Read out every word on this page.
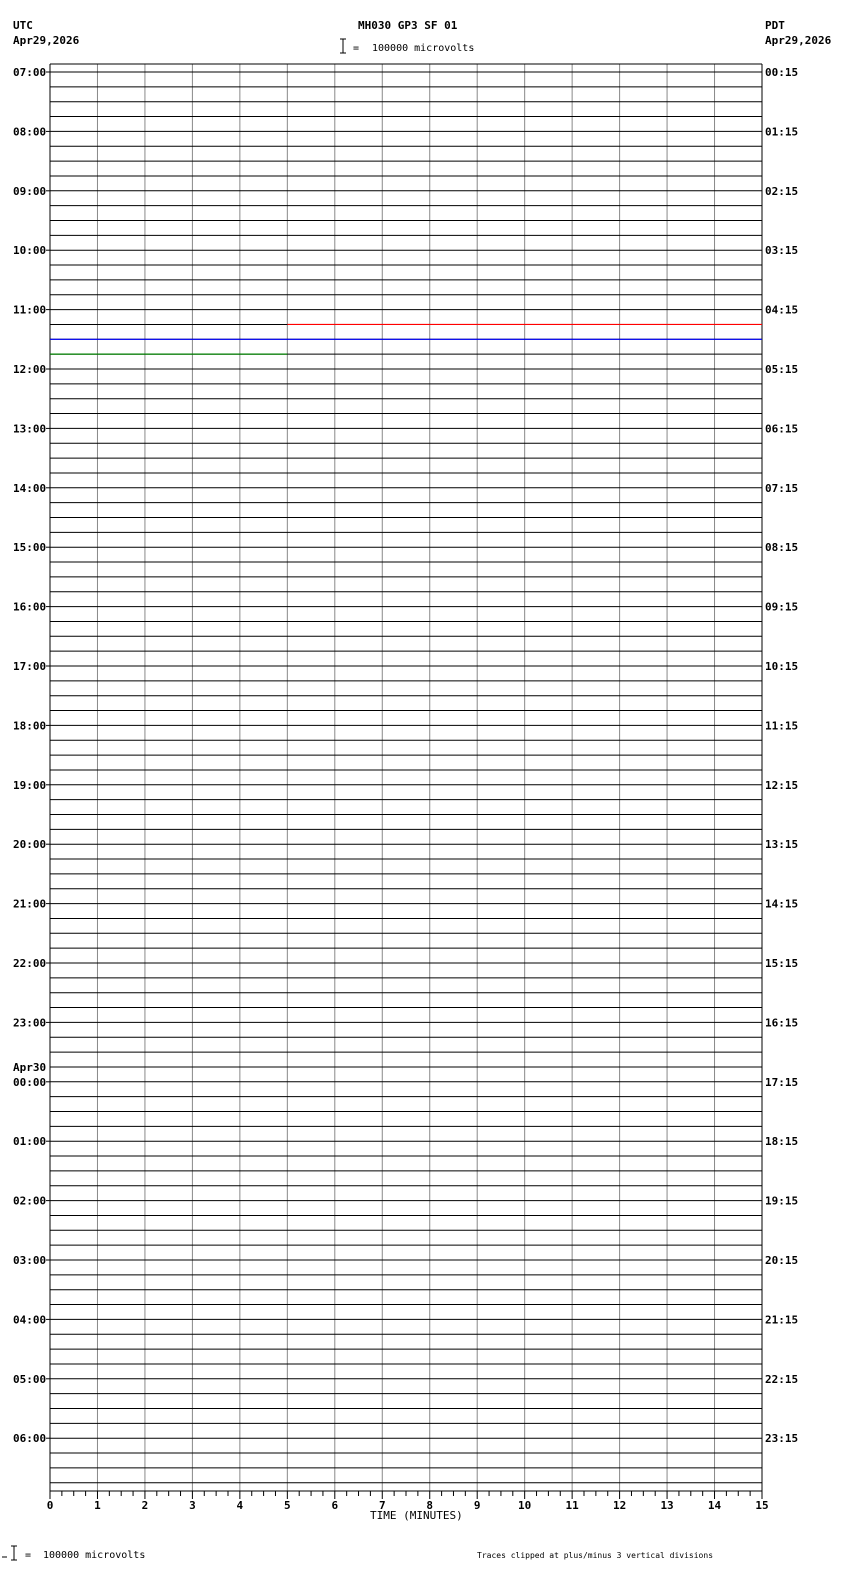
UTC
Apr29,2026
MH030 GP3 SF 01
= 100000 microvolts
PDT
Apr29,2026
TIME (MINUTES)
= 100000 microvolts	Traces clipped at plus/minus 3 vertical divisions
07:00
08:00
09:00
10:00
11:00
12:00
13:00
14:00
15:00
16:00
17:00
18:00
19:00
20:00
21:00
22:00
23:00
00:00
Apr30
01:00
02:00
03:00
04:00
05:00
06:00
00:15
01:15
02:15
03:15
04:15
05:15
06:15
07:15
08:15
09:15
10:15
11:15
12:15
13:15
14:15
15:15
16:15
17:15
18:15
19:15
20:15
21:15
22:15
23:15
0	1	2	3	4	5	6	7	8	9	10	11	12	13	14	15
